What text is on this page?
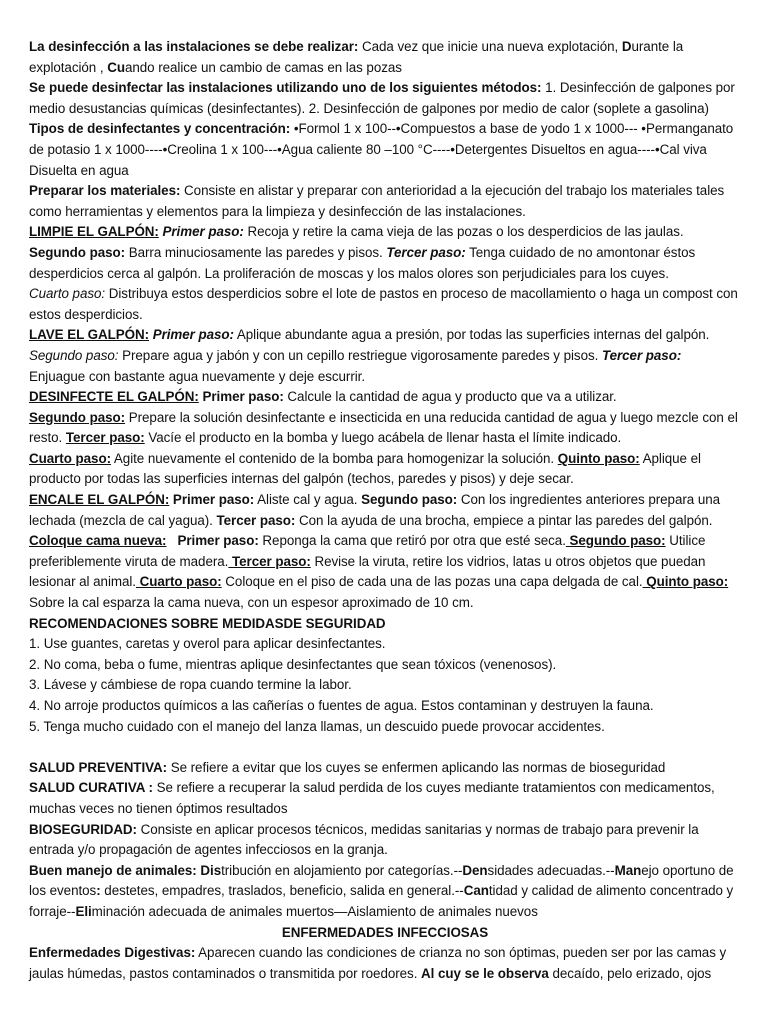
La desinfección a las instalaciones se debe realizar: Cada vez que inicie una nueva explotación, Durante la explotación , Cuando realice un cambio de camas en las pozas

Se puede desinfectar las instalaciones utilizando uno de los siguientes métodos: 1. Desinfección de galpones por medio desustancias químicas (desinfectantes). 2. Desinfección de galpones por medio de calor (soplete a gasolina)

Tipos de desinfectantes y concentración: •Formol 1 x 100--•Compuestos a base de yodo 1 x 1000--- •Permanganato de potasio 1 x 1000----•Creolina 1 x 100---•Agua caliente 80 –100 °C----•Detergentes Disueltos en agua----•Cal viva Disuelta en agua

Preparar los materiales: Consiste en alistar y preparar con anterioridad a la ejecución del trabajo los materiales tales como herramientas y elementos para la limpieza y desinfección de las instalaciones.

LIMPIE EL GALPÓN: Primer paso: Recoja y retire la cama vieja de las pozas o los desperdicios de las jaulas.

Segundo paso: Barra minuciosamente las paredes y pisos. Tercer paso: Tenga cuidado de no amontonar éstos desperdicios cerca al galpón. La proliferación de moscas y los malos olores son perjudiciales para los cuyes.

Cuarto paso: Distribuya estos desperdicios sobre el lote de pastos en proceso de macollamiento o haga un compost con estos desperdicios.

LAVE EL GALPÓN: Primer paso: Aplique abundante agua a presión, por todas las superficies internas del galpón.

Segundo paso: Prepare agua y jabón y con un cepillo restriegue vigorosamente paredes y pisos. Tercer paso: Enjuague con bastante agua nuevamente y deje escurrir.

DESINFECTE EL GALPÓN: Primer paso: Calcule la cantidad de agua y producto que va a utilizar.

Segundo paso: Prepare la solución desinfectante e insecticida en una reducida cantidad de agua y luego mezcle con el resto. Tercer paso: Vacíe el producto en la bomba y luego acábela de llenar hasta el límite indicado.

Cuarto paso: Agite nuevamente el contenido de la bomba para homogenizar la solución. Quinto paso: Aplique el producto por todas las superficies internas del galpón (techos, paredes y pisos) y deje secar.

ENCALE EL GALPÓN: Primer paso: Aliste cal y agua. Segundo paso: Con los ingredientes anteriores prepara una lechada (mezcla de cal yagua). Tercer paso: Con la ayuda de una brocha, empiece a pintar las paredes del galpón.

Coloque cama nueva:   Primer paso: Reponga la cama que retiró por otra que esté seca. Segundo paso: Utilice preferiblemente viruta de madera. Tercer paso: Revise la viruta, retire los vidrios, latas u otros objetos que puedan lesionar al animal. Cuarto paso: Coloque en el piso de cada una de las pozas una capa delgada de cal. Quinto paso: Sobre la cal esparza la cama nueva, con un espesor aproximado de 10 cm.

RECOMENDACIONES SOBRE MEDIDASDE SEGURIDAD

1. Use guantes, caretas y overol para aplicar desinfectantes.

2. No coma, beba o fume, mientras aplique desinfectantes que sean tóxicos (venenosos).

3. Lávese y cámbiese de ropa cuando termine la labor.

4. No arroje productos químicos a las cañerías o fuentes de agua. Estos contaminan y destruyen la fauna.

5. Tenga mucho cuidado con el manejo del lanza llamas, un descuido puede provocar accidentes.

SALUD PREVENTIVA: Se refiere a evitar que los cuyes se enfermen aplicando las normas de bioseguridad

SALUD CURATIVA : Se refiere a recuperar la salud perdida de los cuyes mediante tratamientos con medicamentos, muchas veces no tienen óptimos resultados

BIOSEGURIDAD: Consiste en aplicar procesos técnicos, medidas sanitarias y normas de trabajo para prevenir la entrada y/o propagación de agentes infecciosos en la granja.

Buen manejo de animales: Distribución en alojamiento por categorías.--Densidades adecuadas.--Manejo oportuno de los eventos: destetes, empadres, traslados, beneficio, salida en general.--Cantidad y calidad de alimento concentrado y forraje--Eliminación adecuada de animales muertos—Aislamiento de animales nuevos

ENFERMEDADES INFECCIOSAS

Enfermedades Digestivas: Aparecen cuando las condiciones de crianza no son óptimas, pueden ser por las camas y jaulas húmedas, pastos contaminados o transmitida por roedores. Al cuy se le observa decaído, pelo erizado, ojos
